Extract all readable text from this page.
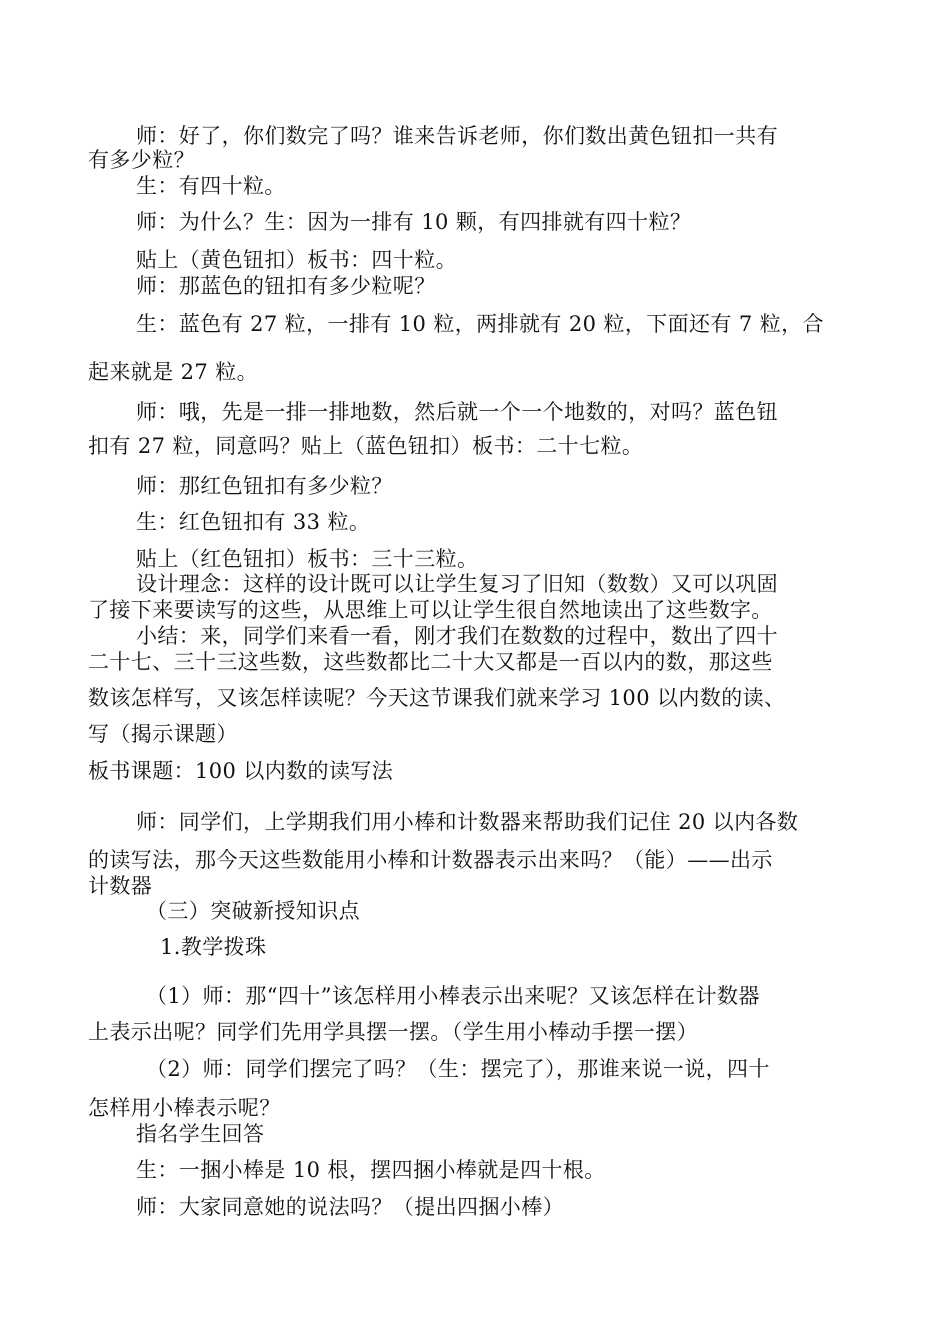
师：好了，你们数完了吗？谁来告诉老师，你们数出黄色钮扣一共有
有多少粒？
生：有四十粒。
师：为什么？生：因为一排有 10 颗，有四排就有四十粒？
贴上（黄色钮扣）板书：四十粒。
师：那蓝色的钮扣有多少粒呢？
生：蓝色有 27 粒，一排有 10 粒，两排就有 20 粒，下面还有 7 粒，合
起来就是 27 粒。
师：哦，先是一排一排地数，然后就一个一个地数的，对吗？蓝色钮
扣有 27 粒，同意吗？贴上（蓝色钮扣）板书：二十七粒。
师：那红色钮扣有多少粒？
生：红色钮扣有 33 粒。
贴上（红色钮扣）板书：三十三粒。
设计理念：这样的设计既可以让学生复习了旧知（数数）又可以巩固
了接下来要读写的这些，从思维上可以让学生很自然地读出了这些数字。
小结：来，同学们来看一看，刚才我们在数数的过程中，数出了四十
二十七、三十三这些数，这些数都比二十大又都是一百以内的数，那这些
数该怎样写，又该怎样读呢？今天这节课我们就来学习 100 以内数的读、
写（揭示课题）
板书课题：100 以内数的读写法
师：同学们，上学期我们用小棒和计数器来帮助我们记住 20 以内各数
的读写法，那今天这些数能用小棒和计数器表示出来吗？（能）——出示
计数器
（三）突破新授知识点
1.教学拨珠
（1）师：那“四十”该怎样用小棒表示出来呢？又该怎样在计数器
上表示出呢？同学们先用学具摆一摆。（学生用小棒动手摆一摆）
（2）师：同学们摆完了吗？（生：摆完了），那谁来说一说，四十
怎样用小棒表示呢？
指名学生回答
生：一捆小棒是 10 根，摆四捆小棒就是四十根。
师：大家同意她的说法吗？（提出四捆小棒）
